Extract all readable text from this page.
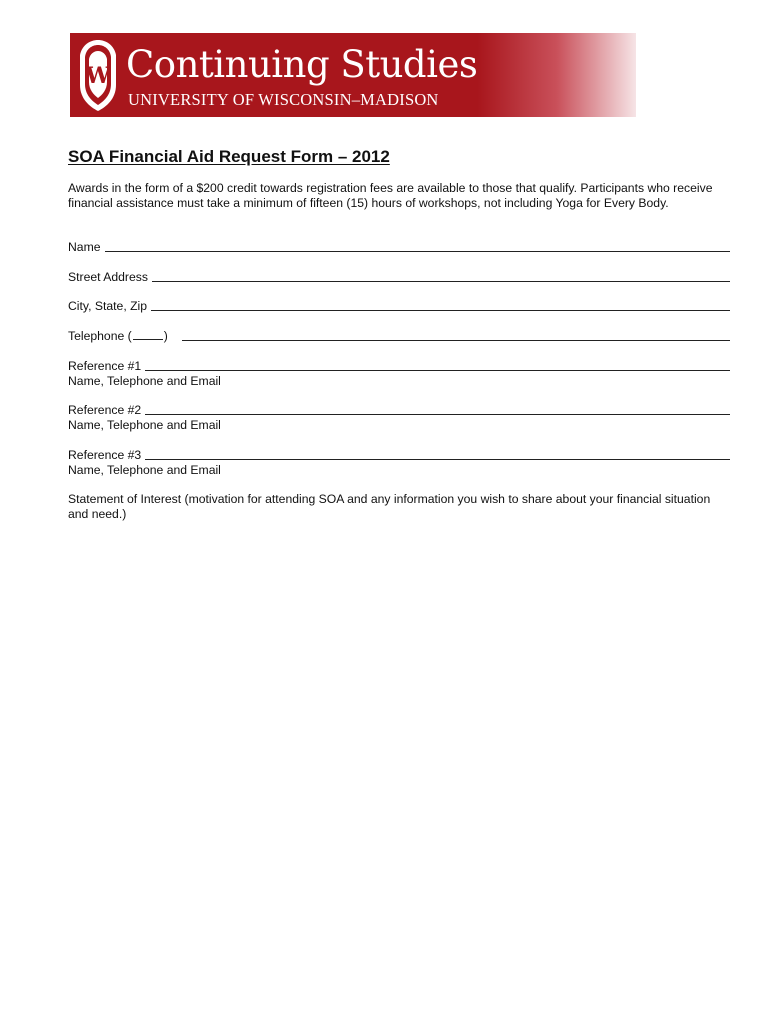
W Continuing Studies
UNIVERSITY OF WISCONSIN–MADISON
SOA Financial Aid Request Form – 2012

Awards in the form of a $200 credit towards registration fees are available to those that qualify. Participants who receive financial assistance must take a minimum of fifteen (15) hours of workshops, not including Yoga for Every Body.

Name
Street Address
City, State, Zip
Telephone (	)
Reference #1

Name, Telephone and Email

Reference #2

Name, Telephone and Email

Reference #3

Name, Telephone and Email

Statement of Interest (motivation for attending SOA and any information you wish to share about your financial situation and need.)
